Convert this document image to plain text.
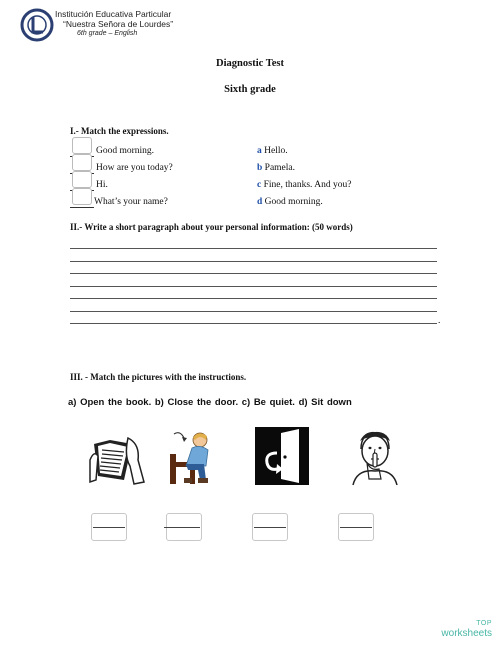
Institución Educativa Particular
“Nuestra Señora de Lourdes”
6th grade – English
Diagnostic Test
Sixth grade
I.- Match the expressions.
Good morning.
How are you today?
Hi.
What’s your name?
a Hello.
b Pamela.
c Fine, thanks. And you?
d Good morning.
II.- Write a short paragraph about your personal information: (50 words)
.
III. - Match the pictures with the instructions.
a) Open the book. b) Close the door. c) Be quiet. d) Sit down
TOP
worksheets
